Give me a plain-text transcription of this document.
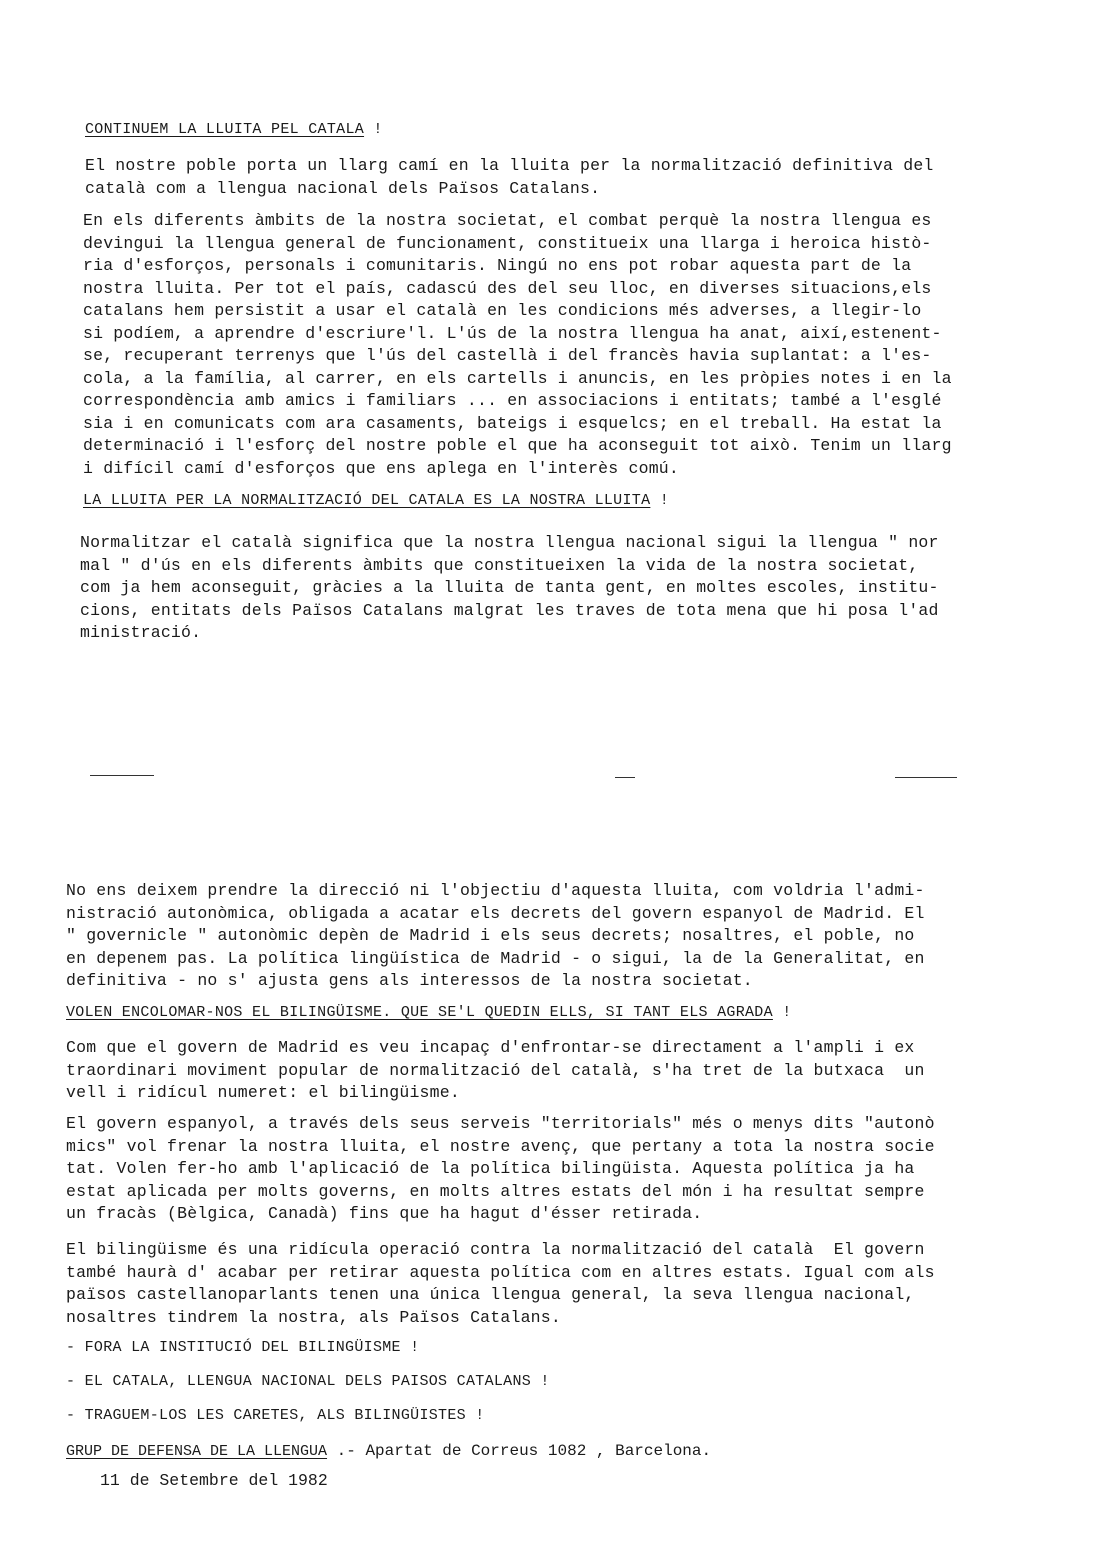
CONTINUEM LA LLUITA PEL CATALA !
El nostre poble porta un llarg camí en la lluita per la normalització definitiva del
català com a llengua nacional dels Països Catalans.
En els diferents àmbits de la nostra societat, el combat perquè la nostra llengua es
devingui la llengua general de funcionament, constitueix una llarga i heroica histò-
ria d'esforços, personals i comunitaris. Ningú no ens pot robar aquesta part de la
nostra lluita. Per tot el país, cadascú des del seu lloc, en diverses situacions,els
catalans hem persistit a usar el català en les condicions més adverses, a llegir-lo
si podíem, a aprendre d'escriure'l. L'ús de la nostra llengua ha anat, així,estenent-
se, recuperant terrenys que l'ús del castellà i del francès havia suplantat: a l'es-
cola, a la família, al carrer, en els cartells i anuncis, en les pròpies notes i en la
correspondència amb amics i familiars ... en associacions i entitats; també a l'esglé
sia i en comunicats com ara casaments, bateigs i esquelcs; en el treball. Ha estat la
determinació i l'esforç del nostre poble el que ha aconseguit tot això. Tenim un llarg
i difícil camí d'esforços que ens aplega en l'interès comú.
LA LLUITA PER LA NORMALITZACIÓ DEL CATALA ES LA NOSTRA LLUITA !
Normalitzar el català significa que la nostra llengua nacional sigui la llengua " nor
mal " d'ús en els diferents àmbits que constitueixen la vida de la nostra societat,
com ja hem aconseguit, gràcies a la lluita de tanta gent, en moltes escoles, institu-
cions, entitats dels Països Catalans malgrat les traves de tota mena que hi posa l'ad
ministració.
No ens deixem prendre la direcció ni l'objectiu d'aquesta lluita, com voldria l'admi-
nistració autonòmica, obligada a acatar els decrets del govern espanyol de Madrid. El
" governicle " autonòmic depèn de Madrid i els seus decrets; nosaltres, el poble, no
en depenem pas. La política lingüística de Madrid - o sigui, la de la Generalitat, en
definitiva - no s' ajusta gens als interessos de la nostra societat.
VOLEN ENCOLOMAR-NOS EL BILINGÜISME. QUE SE'L QUEDIN ELLS, SI TANT ELS AGRADA !
Com que el govern de Madrid es veu incapaç d'enfrontar-se directament a l'ampli i ex
traordinari moviment popular de normalització del català, s'ha tret de la butxaca  un
vell i ridícul numeret: el bilingüisme.
El govern espanyol, a través dels seus serveis "territorials" més o menys dits "autonò
mics" vol frenar la nostra lluita, el nostre avenç, que pertany a tota la nostra socie
tat. Volen fer-ho amb l'aplicació de la política bilingüista. Aquesta política ja ha
estat aplicada per molts governs, en molts altres estats del món i ha resultat sempre
un fracàs (Bèlgica, Canadà) fins que ha hagut d'ésser retirada.
El bilingüisme és una ridícula operació contra la normalització del català  El govern
també haurà d' acabar per retirar aquesta política com en altres estats. Igual com als
països castellanoparlants tenen una única llengua general, la seva llengua nacional,
nosaltres tindrem la nostra, als Països Catalans.
- FORA LA INSTITUCIÓ DEL BILINGÜISME !
- EL CATALA, LLENGUA NACIONAL DELS PAISOS CATALANS !
- TRAGUEM-LOS LES CARETES, ALS BILINGÜISTES !
GRUP DE DEFENSA DE LA LLENGUA .- Apartat de Correus 1082 , Barcelona.
11 de Setembre del 1982
